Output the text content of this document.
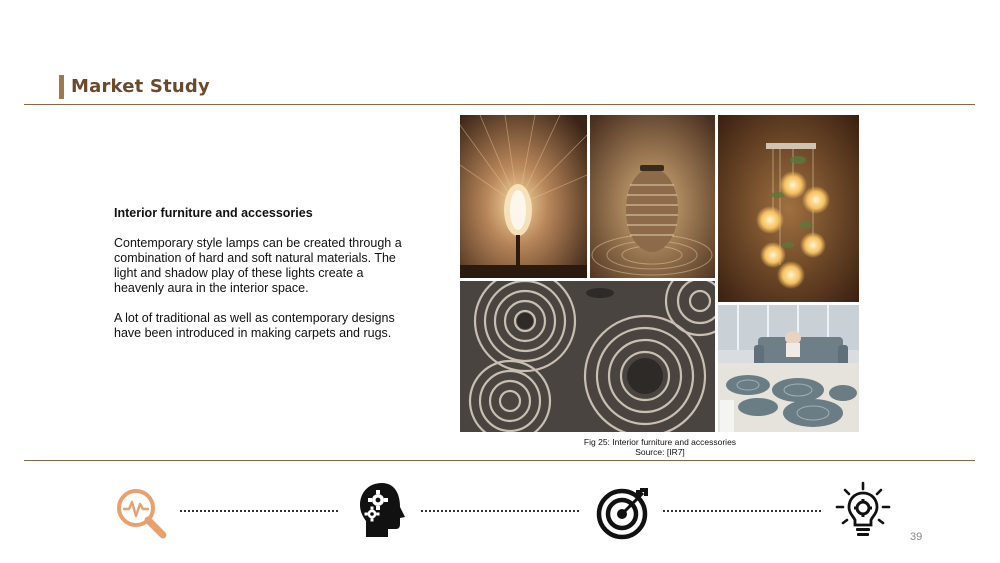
Market Study
Interior furniture and accessories

Contemporary style lamps can be created through a combination of hard and soft natural materials. The light and shadow play of these lights create a heavenly aura in the interior space.

A lot of traditional as well as contemporary designs have been introduced in making carpets and rugs.

Fig 25: Interior furniture and accessories
Source: [IR7]
39
